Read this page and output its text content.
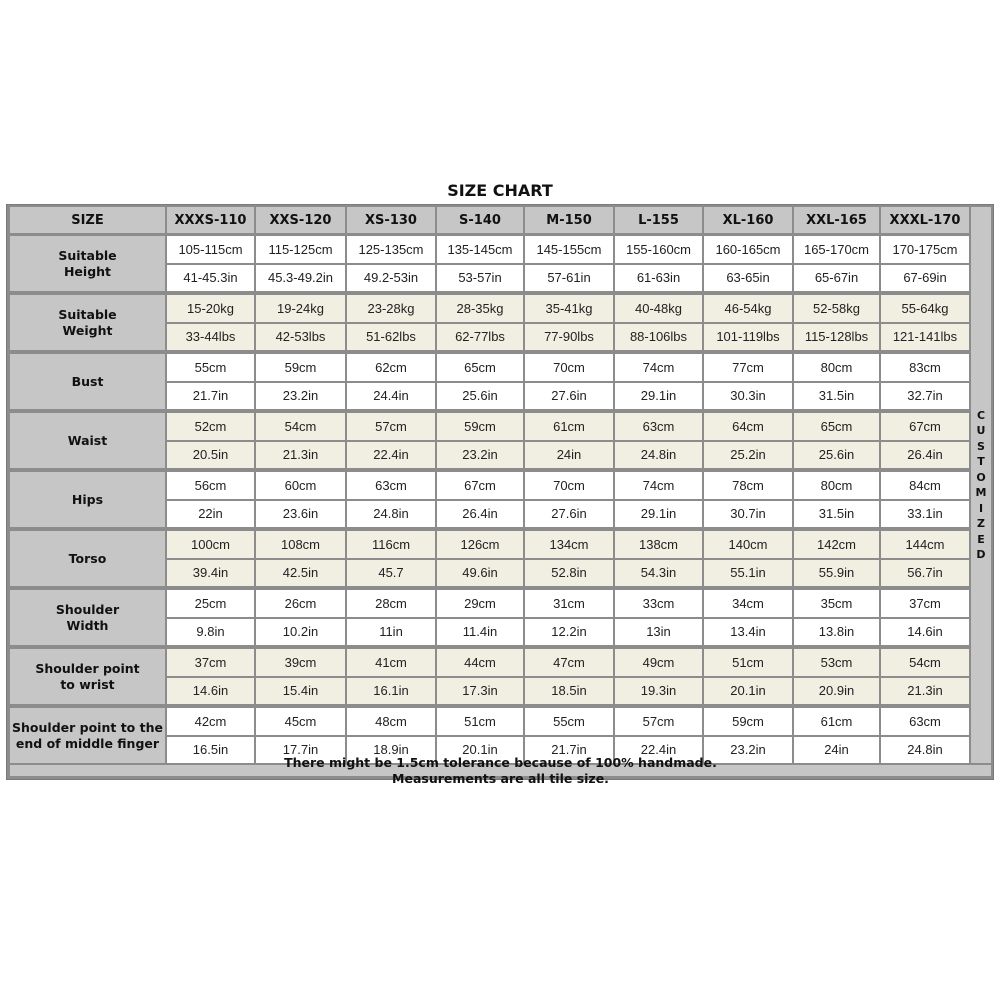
SIZE CHART
SIZE	XXXS-110	XXS-120	XS-130	S-140	M-150	L-155	XL-160	XXL-165	XXXL-170
Suitable
Height
105-115cm	115-125cm	125-135cm	135-145cm	145-155cm	155-160cm	160-165cm	165-170cm	170-175cm
41-45.3in	45.3-49.2in	49.2-53in	53-57in	57-61in	61-63in	63-65in	65-67in	67-69in
Suitable
Weight
15-20kg	19-24kg	23-28kg	28-35kg	35-41kg	40-48kg	46-54kg	52-58kg	55-64kg
33-44lbs	42-53lbs	51-62lbs	62-77lbs	77-90lbs	88-106lbs	101-119lbs	115-128lbs	121-141lbs
Bust
55cm	59cm	62cm	65cm	70cm	74cm	77cm	80cm	83cm
21.7in	23.2in	24.4in	25.6in	27.6in	29.1in	30.3in	31.5in	32.7in
Waist
52cm	54cm	57cm	59cm	61cm	63cm	64cm	65cm	67cm
20.5in	21.3in	22.4in	23.2in	24in	24.8in	25.2in	25.6in	26.4in
Hips
56cm	60cm	63cm	67cm	70cm	74cm	78cm	80cm	84cm
22in	23.6in	24.8in	26.4in	27.6in	29.1in	30.7in	31.5in	33.1in
Torso
100cm	108cm	116cm	126cm	134cm	138cm	140cm	142cm	144cm
39.4in	42.5in	45.7	49.6in	52.8in	54.3in	55.1in	55.9in	56.7in
Shoulder
Width
25cm	26cm	28cm	29cm	31cm	33cm	34cm	35cm	37cm
9.8in	10.2in	11in	11.4in	12.2in	13in	13.4in	13.8in	14.6in
Shoulder point
to wrist
37cm	39cm	41cm	44cm	47cm	49cm	51cm	53cm	54cm
14.6in	15.4in	16.1in	17.3in	18.5in	19.3in	20.1in	20.9in	21.3in
Shoulder point to the
end of middle finger
42cm	45cm	48cm	51cm	55cm	57cm	59cm	61cm	63cm
16.5in	17.7in	18.9in	20.1in	21.7in	22.4in	23.2in	24in	24.8in
C
U
S
T
O
M
I
Z
E
D
There might be 1.5cm tolerance because of 100% handmade.
Measurements are all tile size.
